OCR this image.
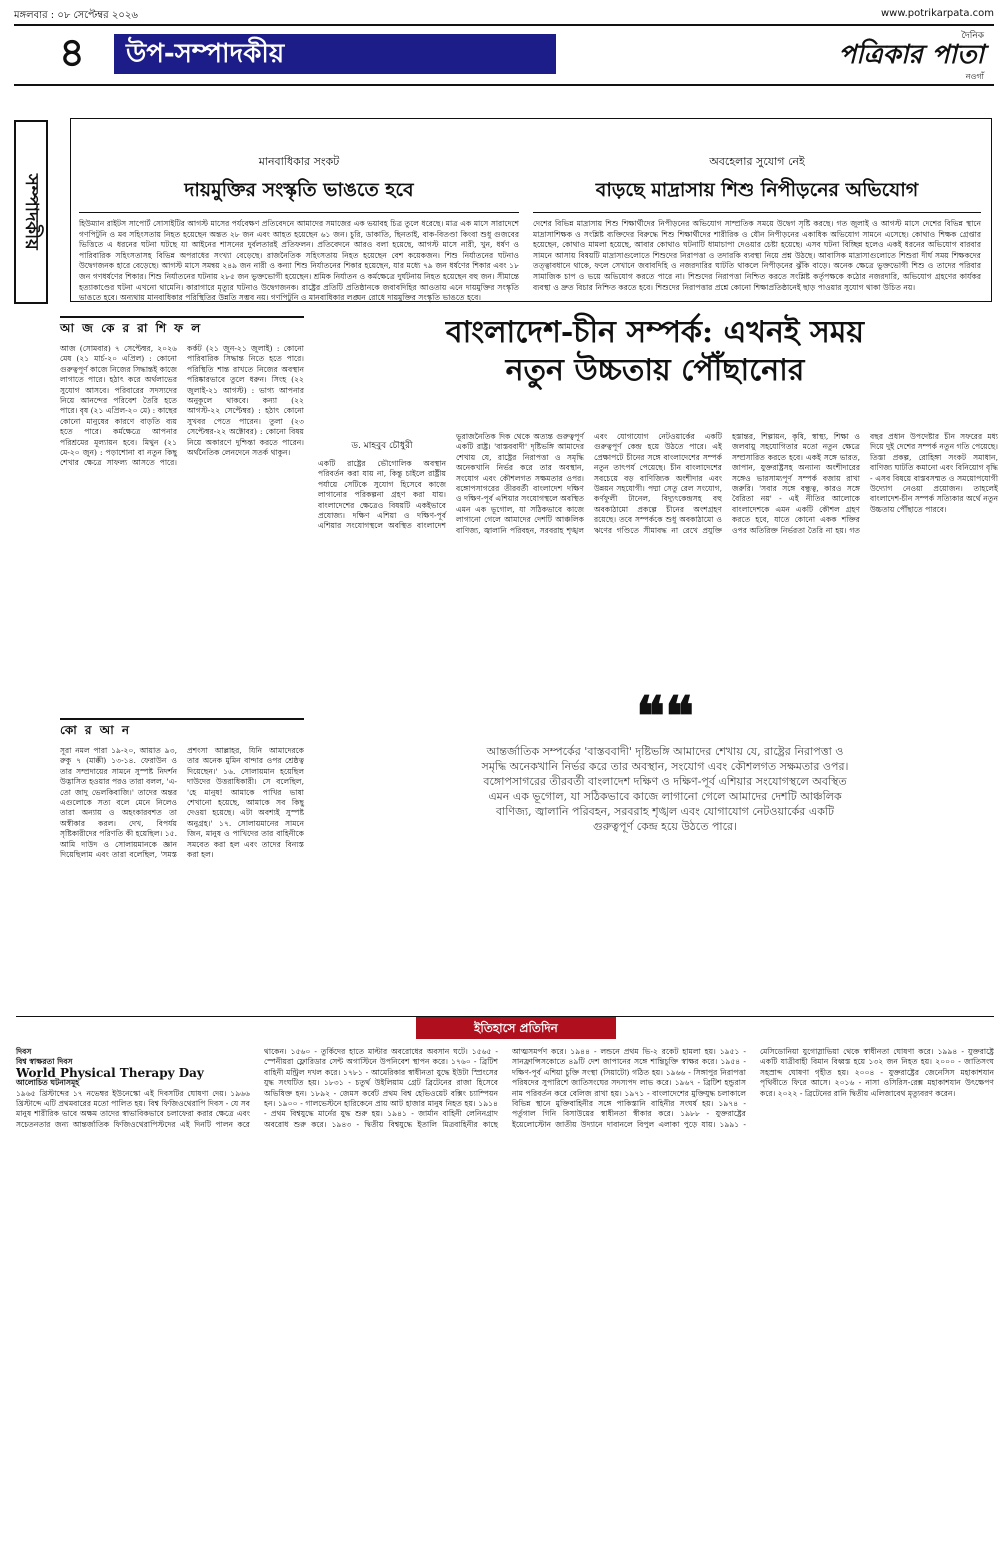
মঙ্গলবার : ০৮ সেপ্টেম্বর ২০২৬	www.potrikarpata.com
৪	উপ-সম্পাদকীয়
দৈনিক
পত্রিকার পাতা
নওগাঁ
সম্পাদকীয়
মানবাধিকার সংকট
দায়মুক্তির সংস্কৃতি ভাঙতে হবে

হিউম্যান রাইটস সাপোর্ট সোসাইটির আগস্ট মাসের পর্যবেক্ষণ প্রতিবেদনে আমাদের সমাজের এক ভয়াবহ চিত্র তুলে ধরেছে। মাত্র এক মাসে সারাদেশে গণপিটুনি ও মব সহিংসতায় নিহত হয়েছেন অন্তত ২৮ জন এবং আহত হয়েছেন ৬১ জন। চুরি, ডাকাতি, ছিনতাই, বাক-বিতণ্ডা কিংবা শুধু গুজবের ভিত্তিতে এ ধরনের ঘটনা ঘটছে যা আইনের শাসনের দুর্বলতারই প্রতিফলন। প্রতিবেদনে আরও বলা হয়েছে, আগস্ট মাসে নারী, খুন, ধর্ষণ ও পারিবারিক সহিংসতাসহ বিভিন্ন অপরাধের সংখ্যা বেড়েছে। রাজনৈতিক সহিংসতায় নিহত হয়েছেন বেশ কয়েকজন। শিশু নির্যাতনের ঘটনাও উদ্বেগজনক হারে বেড়েছে। আগস্ট মাসে সমন্বয় ২৪৯ জন নারী ও কন্যা শিশু নির্যাতনের শিকার হয়েছেন, যার মধ্যে ৭৯ জন ধর্ষণের শিকার এবং ১৮ জন গণধর্ষণের শিকার। শিশু নির্যাতনের ঘটনায় ২৮৫ জন ভুক্তভোগী হয়েছেন। শ্রমিক নির্যাতন ও কর্মক্ষেত্রে দুর্ঘটনায় নিহত হয়েছেন বহু জন। সীমান্তে হত্যাকাণ্ডের ঘটনা এখনো থামেনি। কারাগারে মৃত্যুর ঘটনাও উদ্বেগজনক। রাষ্ট্রের প্রতিটি প্রতিষ্ঠানকে জবাবদিহির আওতায় এনে দায়মুক্তির সংস্কৃতি ভাঙতে হবে। অন্যথায় মানবাধিকার পরিস্থিতির উন্নতি সম্ভব নয়। গণপিটুনি ও মানবাধিকার লঙ্ঘন রোধে দায়মুক্তির সংস্কৃতি ভাঙতে হবে।

অবহেলার সুযোগ নেই
বাড়ছে মাদ্রাসায় শিশু নিপীড়নের অভিযোগ

দেশের বিভিন্ন মাদ্রাসায় শিশু শিক্ষার্থীদের নিপীড়নের অভিযোগ সাম্প্রতিক সময়ে উদ্বেগ সৃষ্টি করছে। গত জুলাই ও আগস্ট মাসে দেশের বিভিন্ন স্থানে মাদ্রাসাশিক্ষক ও সংশ্লিষ্ট ব্যক্তিদের বিরুদ্ধে শিশু শিক্ষার্থীদের শারীরিক ও যৌন নিপীড়নের একাধিক অভিযোগ সামনে এসেছে। কোথাও শিক্ষক গ্রেপ্তার হয়েছেন, কোথাও মামলা হয়েছে, আবার কোথাও ঘটনাটি ধামাচাপা দেওয়ার চেষ্টা হয়েছে। এসব ঘটনা বিচ্ছিন্ন হলেও একই ধরনের অভিযোগ বারবার সামনে আসায় বিষয়টি মাদ্রাসাগুলোতে শিশুদের নিরাপত্তা ও তদারকি ব্যবস্থা নিয়ে প্রশ্ন উঠছে। আবাসিক মাদ্রাসাগুলোতে শিশুরা দীর্ঘ সময় শিক্ষকদের তত্ত্বাবধানে থাকে, ফলে সেখানে জবাবদিহি ও নজরদারির ঘাটতি থাকলে নিপীড়নের ঝুঁকি বাড়ে। অনেক ক্ষেত্রে ভুক্তভোগী শিশু ও তাদের পরিবার সামাজিক চাপ ও ভয়ে অভিযোগ করতে পারে না। শিশুদের নিরাপত্তা নিশ্চিত করতে সংশ্লিষ্ট কর্তৃপক্ষকে কঠোর নজরদারি, অভিযোগ গ্রহণের কার্যকর ব্যবস্থা ও দ্রুত বিচার নিশ্চিত করতে হবে। শিশুদের নিরাপত্তার প্রশ্নে কোনো শিক্ষাপ্রতিষ্ঠানেই ছাড় পাওয়ার সুযোগ থাকা উচিত নয়।

আ জ কে র রা শি ফ ল

আজ (সোমবার) ৭ সেপ্টেম্বর, ২০২৬ মেষ (২১ মার্চ-২০ এপ্রিল) : কোনো গুরুত্বপূর্ণ কাজে নিজের সিদ্ধান্তই কাজে লাগাতে পারে। হঠাৎ করে অর্থলাভের সুযোগ আসবে। পরিবারের সদস্যদের নিয়ে আনন্দের পরিবেশ তৈরি হতে পারে। বৃষ (২১ এপ্রিল-২০ মে) : কাছের কোনো মানুষের কারণে বাড়তি ব্যয় হতে পারে। কর্মক্ষেত্রে আপনার পরিশ্রমের মূল্যায়ন হবে। মিথুন (২১ মে-২০ জুন) : পড়াশোনা বা নতুন কিছু শেখার ক্ষেত্রে সাফল্য আসতে পারে। কর্কট (২১ জুন-২১ জুলাই) : কোনো পারিবারিক সিদ্ধান্ত নিতে হতে পারে। পরিস্থিতি শান্ত রাখতে নিজের অবস্থান পরিষ্কারভাবে তুলে ধরুন। সিংহ (২২ জুলাই-২১ আগস্ট) : ভাগ্য আপনার অনুকূলে থাকবে। কন্যা (২২ আগস্ট-২২ সেপ্টেম্বর) : হঠাৎ কোনো সুখবর পেতে পারেন। তুলা (২৩ সেপ্টেম্বর-২২ অক্টোবর) : কোনো বিষয় নিয়ে অকারণে দুশ্চিন্তা করতে পারেন। অর্থনৈতিক লেনদেনে সতর্ক থাকুন।

কো র আ ন

সূরা নমল পারা ১৯-২০, আয়াত ৯৩, রুকু ৭ (মাক্কী) ১৩-১৪. ফেরাউন ও তার সম্প্রদায়ের সামনে সুস্পষ্ট নিদর্শন উদ্ভাসিত হওয়ার পরও তারা বলল, 'এ-তো জাদু ভেলকিবাজি।' তাদের অন্তর এগুলোকে সত্য বলে মেনে নিলেও তারা অন্যায় ও অহংকারবশত তা অস্বীকার করল। দেখ, বিপর্যয় সৃষ্টিকারীদের পরিণতি কী হয়েছিল। ১৫. আমি দাউদ ও সোলায়মানকে জ্ঞান দিয়েছিলাম এবং তারা বলেছিল, 'সমস্ত প্রশংসা আল্লাহর, যিনি আমাদেরকে তার অনেক মুমিন বান্দার ওপর শ্রেষ্ঠত্ব দিয়েছেন।' ১৬. সোলায়মান হয়েছিল দাউদের উত্তরাধিকারী। সে বলেছিল, 'হে মানুষ! আমাকে পাখির ভাষা শেখানো হয়েছে, আমাকে সব কিছু দেওয়া হয়েছে। এটা অবশ্যই সুস্পষ্ট অনুগ্রহ।' ১৭. সোলায়মানের সামনে জিন, মানুষ ও পাখিদের তার বাহিনীকে সমবেত করা হল এবং তাদের বিন্যস্ত করা হল।

বাংলাদেশ-চীন সম্পর্ক: এখনই সময়
নতুন উচ্চতায় পৌঁছানোর
ড. মাহবুব চৌধুরী

একটি রাষ্ট্রের ভৌগোলিক অবস্থান পরিবর্তন করা যায় না, কিন্তু চাইলে রাষ্ট্রীয় পর্যায়ে সেটিকে সুযোগ হিসেবে কাজে লাগানোর পরিকল্পনা গ্রহণ করা যায়। বাংলাদেশের ক্ষেত্রেও বিষয়টি একইভাবে প্রযোজ্য। দক্ষিণ এশিয়া ও দক্ষিণ-পূর্ব এশিয়ার সংযোগস্থলে অবস্থিত বাংলাদেশ ভূরাজনৈতিক দিক থেকে অত্যন্ত গুরুত্বপূর্ণ একটি রাষ্ট্র। 'বাস্তববাদী' দৃষ্টিভঙ্গি আমাদের শেখায় যে, রাষ্ট্রের নিরাপত্তা ও সমৃদ্ধি অনেকখানি নির্ভর করে তার অবস্থান, সংযোগ এবং কৌশলগত সক্ষমতার ওপর। বঙ্গোপসাগরের তীরবর্তী বাংলাদেশ দক্ষিণ ও দক্ষিণ-পূর্ব এশিয়ার সংযোগস্থলে অবস্থিত এমন এক ভূগোল, যা সঠিকভাবে কাজে লাগানো গেলে আমাদের দেশটি আঞ্চলিক বাণিজ্য, জ্বালানি পরিবহন, সরবরাহ শৃঙ্খল এবং যোগাযোগ নেটওয়ার্কের একটি গুরুত্বপূর্ণ কেন্দ্র হয়ে উঠতে পারে। এই প্রেক্ষাপটে চীনের সঙ্গে বাংলাদেশের সম্পর্ক নতুন তাৎপর্য পেয়েছে। চীন বাংলাদেশের সবচেয়ে বড় বাণিজ্যিক অংশীদার এবং উন্নয়ন সহযোগী। পদ্মা সেতু রেল সংযোগ, কর্ণফুলী টানেল, বিদ্যুৎকেন্দ্রসহ বহু অবকাঠামো প্রকল্পে চীনের অংশগ্রহণ রয়েছে। তবে সম্পর্ককে শুধু অবকাঠামো ও ঋণের গণ্ডিতে সীমাবদ্ধ না রেখে প্রযুক্তি হস্তান্তর, শিল্পায়ন, কৃষি, স্বাস্থ্য, শিক্ষা ও জলবায়ু সহযোগিতার মতো নতুন ক্ষেত্রে সম্প্রসারিত করতে হবে। একই সঙ্গে ভারত, জাপান, যুক্তরাষ্ট্রসহ অন্যান্য অংশীদারের সঙ্গেও ভারসাম্যপূর্ণ সম্পর্ক বজায় রাখা জরুরি। 'সবার সঙ্গে বন্ধুত্ব, কারও সঙ্গে বৈরিতা নয়' - এই নীতির আলোকে বাংলাদেশকে এমন একটি কৌশল গ্রহণ করতে হবে, যাতে কোনো একক শক্তির ওপর অতিরিক্ত নির্ভরতা তৈরি না হয়। গত বছর প্রধান উপদেষ্টার চীন সফরের মধ্য দিয়ে দুই দেশের সম্পর্ক নতুন গতি পেয়েছে। তিস্তা প্রকল্প, রোহিঙ্গা সংকট সমাধান, বাণিজ্য ঘাটতি কমানো এবং বিনিয়োগ বৃদ্ধি - এসব বিষয়ে বাস্তবসম্মত ও সময়োপযোগী উদ্যোগ নেওয়া প্রয়োজন। তাহলেই বাংলাদেশ-চীন সম্পর্ক সত্যিকার অর্থে নতুন উচ্চতায় পৌঁছাতে পারবে।

❝❝

আন্তর্জাতিক সম্পর্কের 'বাস্তববাদী' দৃষ্টিভঙ্গি আমাদের শেখায় যে, রাষ্ট্রের নিরাপত্তা ও সমৃদ্ধি অনেকখানি নির্ভর করে তার অবস্থান, সংযোগ এবং কৌশলগত সক্ষমতার ওপর। বঙ্গোপসাগরের তীরবর্তী বাংলাদেশ দক্ষিণ ও দক্ষিণ-পূর্ব এশিয়ার সংযোগস্থলে অবস্থিত এমন এক ভূগোল, যা সঠিকভাবে কাজে লাগানো গেলে আমাদের দেশটি আঞ্চলিক বাণিজ্য, জ্বালানি পরিবহন, সরবরাহ শৃঙ্খল এবং যোগাযোগ নেটওয়ার্কের একটি গুরুত্বপূর্ণ কেন্দ্র হয়ে উঠতে পারে।

ইতিহাসে প্রতিদিন
দিবস
বিশ্ব স্বাক্ষরতা দিবস
World Physical Therapy Day
আলোচিত ঘটনাসমূহ
১৯৬৫ খ্রিস্টাব্দের ১৭ নভেম্বর ইউনেস্কো এই দিবসটির ঘোষণা দেয়। ১৯৬৬ খ্রিস্টাব্দে এটি প্রথমবারের মতো পালিত হয়। বিশ্ব ফিজিওথেরাপি দিবস - যে সব মানুষ শারীরিক ভাবে অক্ষম তাদের স্বাভাবিকভাবে চলাফেরা করার ক্ষেত্রে এবং সচেতনতার জন্য আন্তর্জাতিক ফিজিওথেরাপিস্টদের এই দিনটি পালন করে থাকেন। ১৫৬০ - তুর্কিদের হাতে মাল্টার অবরোধের অবসান ঘটে। ১৫৬৫ - স্পেনীয়রা ফ্লোরিডার সেন্ট অগাস্টিনে উপনিবেশ স্থাপন করে। ১৭৬০ - ব্রিটিশ বাহিনী মন্ট্রিল দখল করে। ১৭৮১ - আমেরিকার স্বাধীনতা যুদ্ধে ইউটা স্প্রিংসের যুদ্ধ সংঘটিত হয়। ১৮৩১ - চতুর্থ উইলিয়াম গ্রেট ব্রিটেনের রাজা হিসেবে অভিষিক্ত হন। ১৮৯২ - জেমস কর্বেট প্রথম বিশ্ব হেভিওয়েট বক্সিং চ্যাম্পিয়ন হন। ১৯০০ - গালভেস্টনে হারিকেনে প্রায় আট হাজার মানুষ নিহত হয়। ১৯১৪ - প্রথম বিশ্বযুদ্ধে মার্নের যুদ্ধ শুরু হয়। ১৯৪১ - জার্মান বাহিনী লেনিনগ্রাদ অবরোধ শুরু করে। ১৯৪৩ - দ্বিতীয় বিশ্বযুদ্ধে ইতালি মিত্রবাহিনীর কাছে আত্মসমর্পণ করে। ১৯৪৪ - লন্ডনে প্রথম ভি-২ রকেট হামলা হয়। ১৯৫১ - সানফ্রান্সিসকোতে ৪৯টি দেশ জাপানের সঙ্গে শান্তিচুক্তি স্বাক্ষর করে। ১৯৫৪ - দক্ষিণ-পূর্ব এশিয়া চুক্তি সংস্থা (সিয়াটো) গঠিত হয়। ১৯৬৬ - সিঙ্গাপুর নিরাপত্তা পরিষদের সুপারিশে জাতিসংঘের সদস্যপদ লাভ করে। ১৯৬৭ - ব্রিটিশ হন্ডুরাস নাম পরিবর্তন করে বেলিজ রাখা হয়। ১৯৭১ - বাংলাদেশের মুক্তিযুদ্ধ চলাকালে বিভিন্ন স্থানে মুক্তিবাহিনীর সঙ্গে পাকিস্তানি বাহিনীর সংঘর্ষ হয়। ১৯৭৪ - পর্তুগাল গিনি বিসাউয়ের স্বাধীনতা স্বীকার করে। ১৯৮৮ - যুক্তরাষ্ট্রের ইয়েলোস্টোন জাতীয় উদ্যানে দাবানলে বিপুল এলাকা পুড়ে যায়। ১৯৯১ - মেসিডোনিয়া যুগোস্লাভিয়া থেকে স্বাধীনতা ঘোষণা করে। ১৯৯৪ - যুক্তরাষ্ট্রে একটি যাত্রীবাহী বিমান বিধ্বস্ত হয়ে ১৩২ জন নিহত হয়। ২০০০ - জাতিসংঘ সহস্রাব্দ ঘোষণা গৃহীত হয়। ২০০৪ - যুক্তরাষ্ট্রের জেনেসিস মহাকাশযান পৃথিবীতে ফিরে আসে। ২০১৬ - নাসা ওসিরিস-রেক্স মহাকাশযান উৎক্ষেপণ করে। ২০২২ - ব্রিটেনের রানি দ্বিতীয় এলিজাবেথ মৃত্যুবরণ করেন।
